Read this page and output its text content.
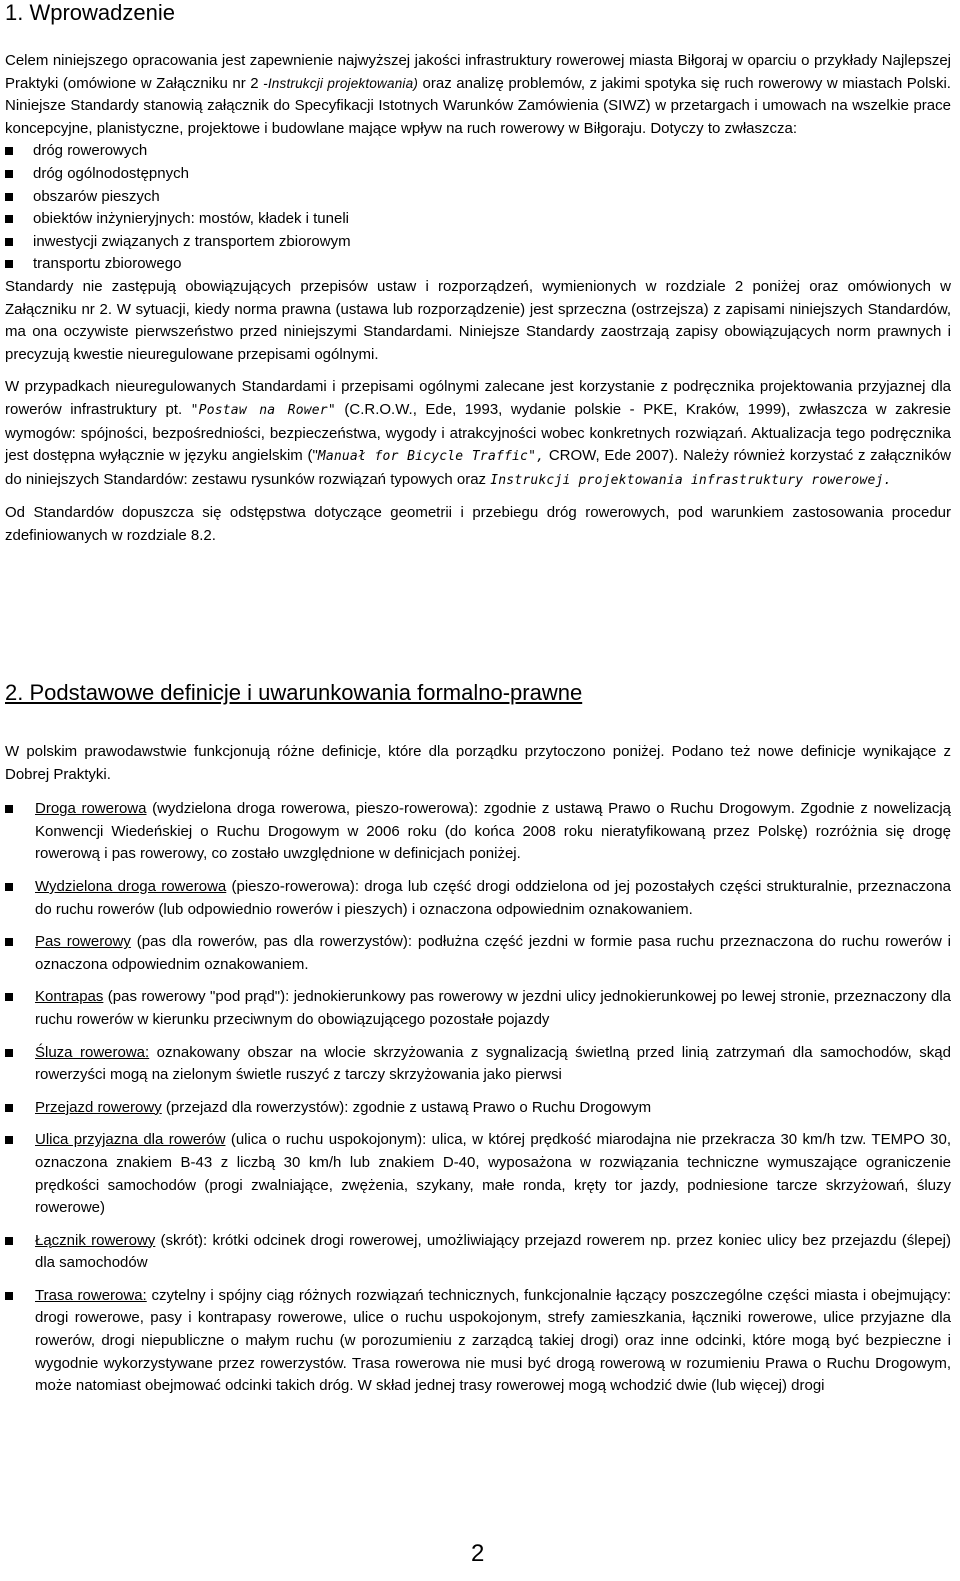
1. Wprowadzenie

Celem niniejszego opracowania jest zapewnienie najwyższej jakości infrastruktury rowerowej miasta Biłgoraj w oparciu o przykłady Najlepszej Praktyki (omówione w Załączniku nr 2 -Instrukcji projektowania) oraz analizę problemów, z jakimi spotyka się ruch rowerowy w miastach Polski. Niniejsze Standardy stanowią załącznik do Specyfikacji Istotnych Warunków Zamówienia (SIWZ) w przetargach i umowach na wszelkie prace koncepcyjne, planistyczne, projektowe i budowlane mające wpływ na ruch rowerowy w Biłgoraju. Dotyczy to zwłaszcza:

dróg rowerowych
dróg ogólnodostępnych
obszarów pieszych
obiektów inżynieryjnych: mostów, kładek i tuneli
inwestycji związanych z transportem zbiorowym
transportu zbiorowego

Standardy nie zastępują obowiązujących przepisów ustaw i rozporządzeń, wymienionych w rozdziale 2 poniżej oraz omówionych w Załączniku nr 2. W sytuacji, kiedy norma prawna (ustawa lub rozporządzenie) jest sprzeczna (ostrzejsza) z zapisami niniejszych Standardów, ma ona oczywiste pierwszeństwo przed niniejszymi Standardami. Niniejsze Standardy zaostrzają zapisy obowiązujących norm prawnych i precyzują kwestie nieuregulowane przepisami ogólnymi.

W przypadkach nieuregulowanych Standardami i przepisami ogólnymi zalecane jest korzystanie z podręcznika projektowania przyjaznej dla rowerów infrastruktury pt. "Postaw na Rower" (C.R.O.W., Ede, 1993, wydanie polskie - PKE, Kraków, 1999), zwłaszcza w zakresie wymogów: spójności, bezpośredniości, bezpieczeństwa, wygody i atrakcyjności wobec konkretnych rozwiązań. Aktualizacja tego podręcznika jest dostępna wyłącznie w języku angielskim ("Manuał for Bicycle Traffic", CROW, Ede 2007). Należy również korzystać z załączników do niniejszych Standardów: zestawu rysunków rozwiązań typowych oraz Instrukcji projektowania infrastruktury rowerowej.

Od Standardów dopuszcza się odstępstwa dotyczące geometrii i przebiegu dróg rowerowych, pod warunkiem zastosowania procedur zdefiniowanych w rozdziale 8.2.

2. Podstawowe definicje i uwarunkowania formalno-prawne

W polskim prawodawstwie funkcjonują różne definicje, które dla porządku przytoczono poniżej. Podano też nowe definicje wynikające z Dobrej Praktyki.

Droga rowerowa (wydzielona droga rowerowa, pieszo-rowerowa): zgodnie z ustawą Prawo o Ruchu Drogowym. Zgodnie z nowelizacją Konwencji Wiedeńskiej o Ruchu Drogowym w 2006 roku (do końca 2008 roku nieratyfikowaną przez Polskę) rozróżnia się drogę rowerową i pas rowerowy, co zostało uwzględnione w definicjach poniżej.
Wydzielona droga rowerowa (pieszo-rowerowa): droga lub część drogi oddzielona od jej pozostałych części strukturalnie, przeznaczona do ruchu rowerów (lub odpowiednio rowerów i pieszych) i oznaczona odpowiednim oznakowaniem.
Pas rowerowy (pas dla rowerów, pas dla rowerzystów): podłużna część jezdni w formie pasa ruchu przeznaczona do ruchu rowerów i oznaczona odpowiednim oznakowaniem.
Kontrapas (pas rowerowy "pod prąd"): jednokierunkowy pas rowerowy w jezdni ulicy jednokierunkowej po lewej stronie, przeznaczony dla ruchu rowerów w kierunku przeciwnym do obowiązującego pozostałe pojazdy
Śluza rowerowa: oznakowany obszar na wlocie skrzyżowania z sygnalizacją świetlną przed linią zatrzymań dla samochodów, skąd rowerzyści mogą na zielonym świetle ruszyć z tarczy skrzyżowania jako pierwsi
Przejazd rowerowy (przejazd dla rowerzystów): zgodnie z ustawą Prawo o Ruchu Drogowym
Ulica przyjazna dla rowerów (ulica o ruchu uspokojonym): ulica, w której prędkość miarodajna nie przekracza 30 km/h tzw. TEMPO 30, oznaczona znakiem B-43 z liczbą 30 km/h lub znakiem D-40, wyposażona w rozwiązania techniczne wymuszające ograniczenie prędkości samochodów (progi zwalniające, zwężenia, szykany, małe ronda, kręty tor jazdy, podniesione tarcze skrzyżowań, śluzy rowerowe)
Łącznik rowerowy (skrót): krótki odcinek drogi rowerowej, umożliwiający przejazd rowerem np. przez koniec ulicy bez przejazdu (ślepej) dla samochodów
Trasa rowerowa: czytelny i spójny ciąg różnych rozwiązań technicznych, funkcjonalnie łączący poszczególne części miasta i obejmujący: drogi rowerowe, pasy i kontrapasy rowerowe, ulice o ruchu uspokojonym, strefy zamieszkania, łączniki rowerowe, ulice przyjazne dla rowerów, drogi niepubliczne o małym ruchu (w porozumieniu z zarządcą takiej drogi) oraz inne odcinki, które mogą być bezpieczne i wygodnie wykorzystywane przez rowerzystów. Trasa rowerowa nie musi być drogą rowerową w rozumieniu Prawa o Ruchu Drogowym, może natomiast obejmować odcinki takich dróg. W skład jednej trasy rowerowej mogą wchodzić dwie (lub więcej) drogi
2
